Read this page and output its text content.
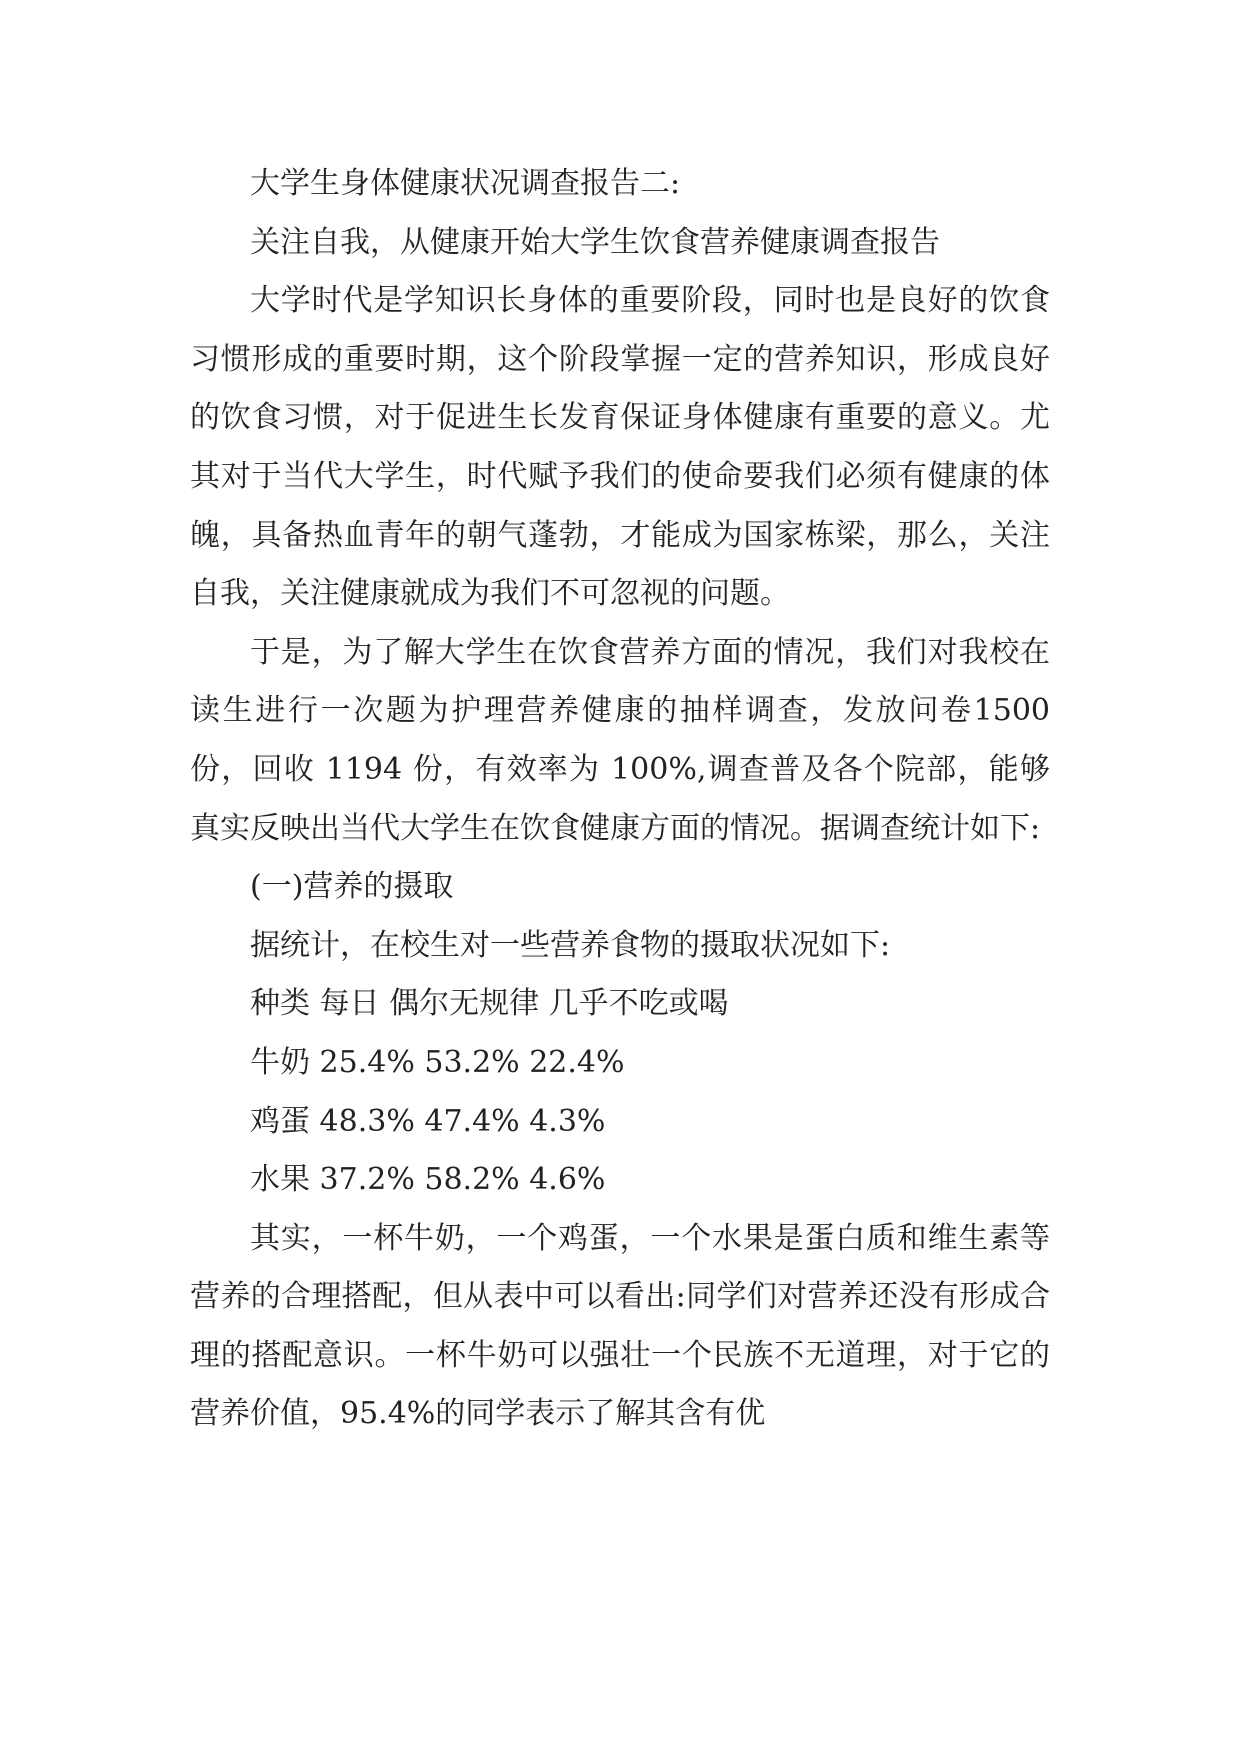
大学生身体健康状况调查报告二:

关注自我，从健康开始大学生饮食营养健康调查报告

大学时代是学知识长身体的重要阶段，同时也是良好的饮食习惯形成的重要时期，这个阶段掌握一定的营养知识，形成良好的饮食习惯，对于促进生长发育保证身体健康有重要的意义。尤其对于当代大学生，时代赋予我们的使命要我们必须有健康的体魄，具备热血青年的朝气蓬勃，才能成为国家栋梁，那么，关注自我，关注健康就成为我们不可忽视的问题。

于是，为了解大学生在饮食营养方面的情况，我们对我校在读生进行一次题为护理营养健康的抽样调查，发放问卷1500 份，回收 1194 份，有效率为 100%,调查普及各个院部，能够真实反映出当代大学生在饮食健康方面的情况。据调查统计如下:

(一)营养的摄取

据统计，在校生对一些营养食物的摄取状况如下:

种类 每日 偶尔无规律 几乎不吃或喝

牛奶 25.4% 53.2% 22.4%

鸡蛋 48.3% 47.4% 4.3%

水果 37.2% 58.2% 4.6%

其实，一杯牛奶，一个鸡蛋，一个水果是蛋白质和维生素等营养的合理搭配，但从表中可以看出:同学们对营养还没有形成合理的搭配意识。一杯牛奶可以强壮一个民族不无道理，对于它的营养价值，95.4%的同学表示了解其含有优
